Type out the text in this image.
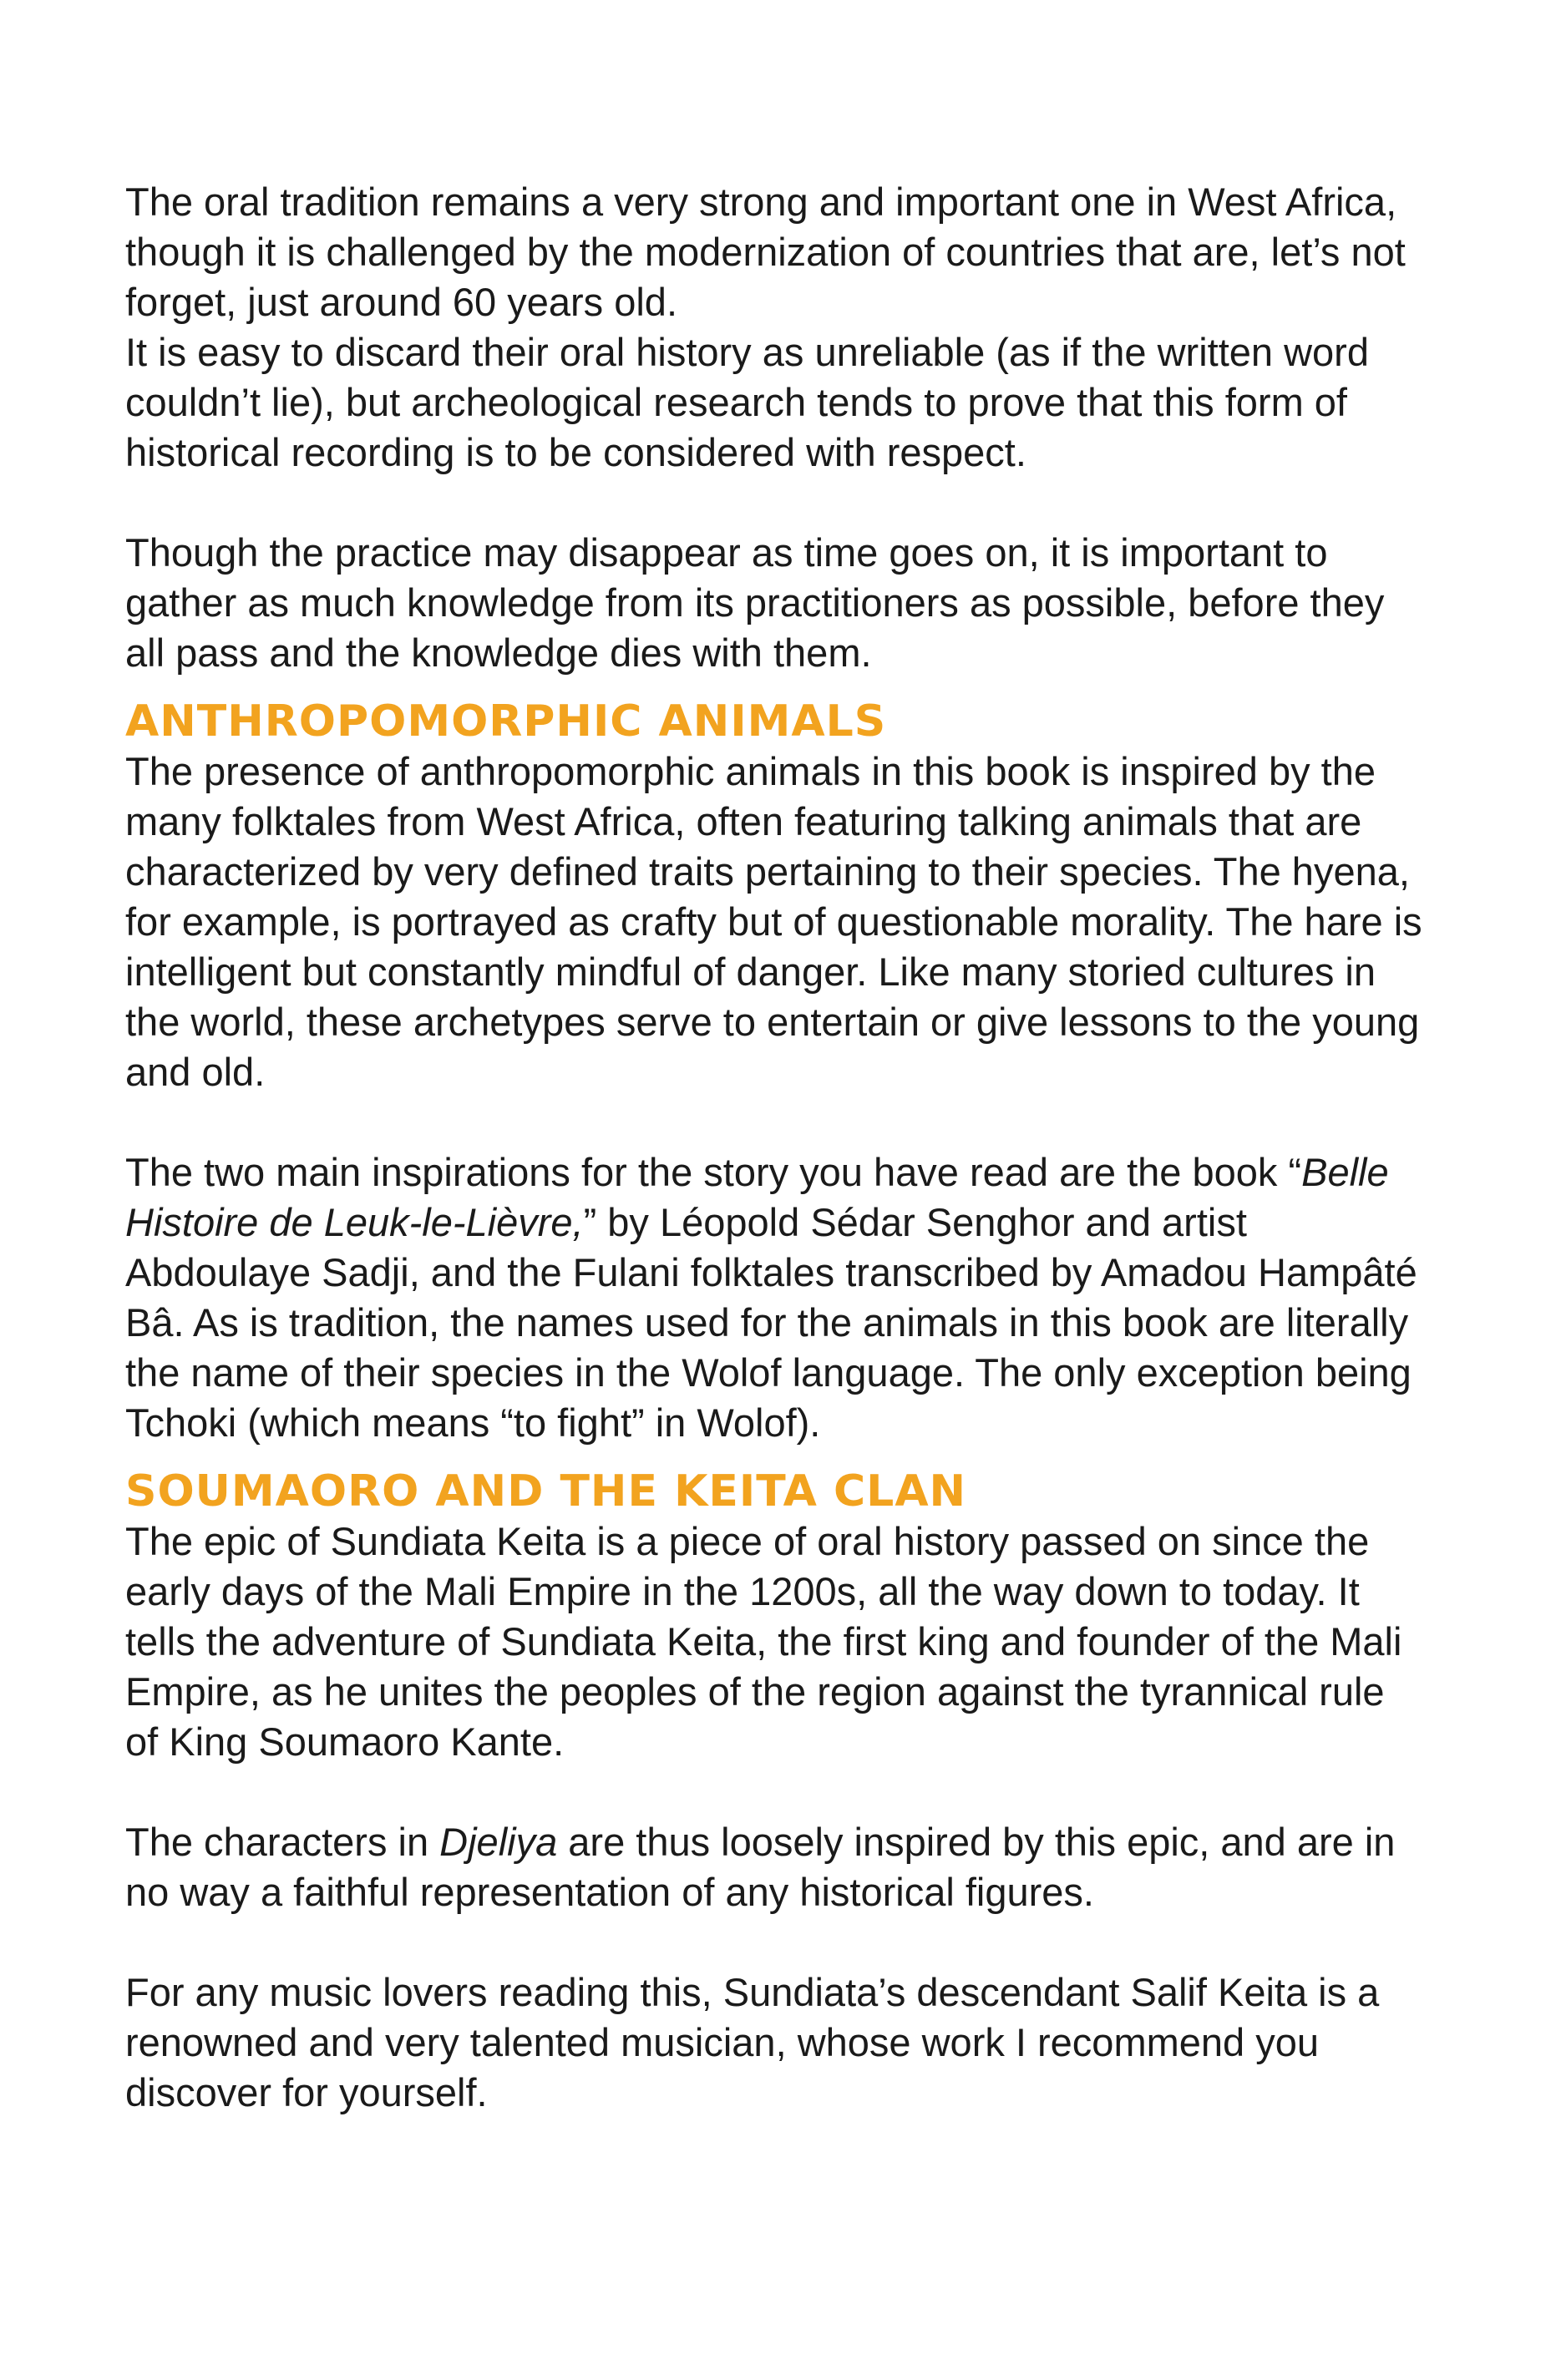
The oral tradition remains a very strong and important one in West Africa, though it is challenged by the modernization of countries that are, let’s not forget, just around 60 years old.

It is easy to discard their oral history as unreliable (as if the written word couldn’t lie), but archeological research tends to prove that this form of historical recording is to be considered with respect.

Though the practice may disappear as time goes on, it is important to gather as much knowledge from its practitioners as possible, before they all pass and the knowledge dies with them.

ANTHROPOMORPHIC ANIMALS

The presence of anthropomorphic animals in this book is inspired by the many folktales from West Africa, often featuring talking animals that are characterized by very defined traits pertaining to their species. The hyena, for example, is portrayed as crafty but of questionable morality. The hare is intelligent but constantly mindful of danger. Like many storied cultures in the world, these archetypes serve to entertain or give lessons to the young and old.

The two main inspirations for the story you have read are the book “Belle Histoire de Leuk-le-Lièvre,” by Léopold Sédar Senghor and artist Abdoulaye Sadji, and the Fulani folktales transcribed by Amadou Hampâté Bâ. As is tradition, the names used for the animals in this book are literally the name of their species in the Wolof language. The only exception being Tchoki (which means “to fight” in Wolof).

SOUMAORO AND THE KEITA CLAN

The epic of Sundiata Keita is a piece of oral history passed on since the early days of the Mali Empire in the 1200s, all the way down to today. It tells the adventure of Sundiata Keita, the first king and founder of the Mali Empire, as he unites the peoples of the region against the tyrannical rule of King Soumaoro Kante.

The characters in Djeliya are thus loosely inspired by this epic, and are in no way a faithful representation of any historical figures.

For any music lovers reading this, Sundiata’s descendant Salif Keita is a renowned and very talented musician, whose work I recommend you discover for yourself.
